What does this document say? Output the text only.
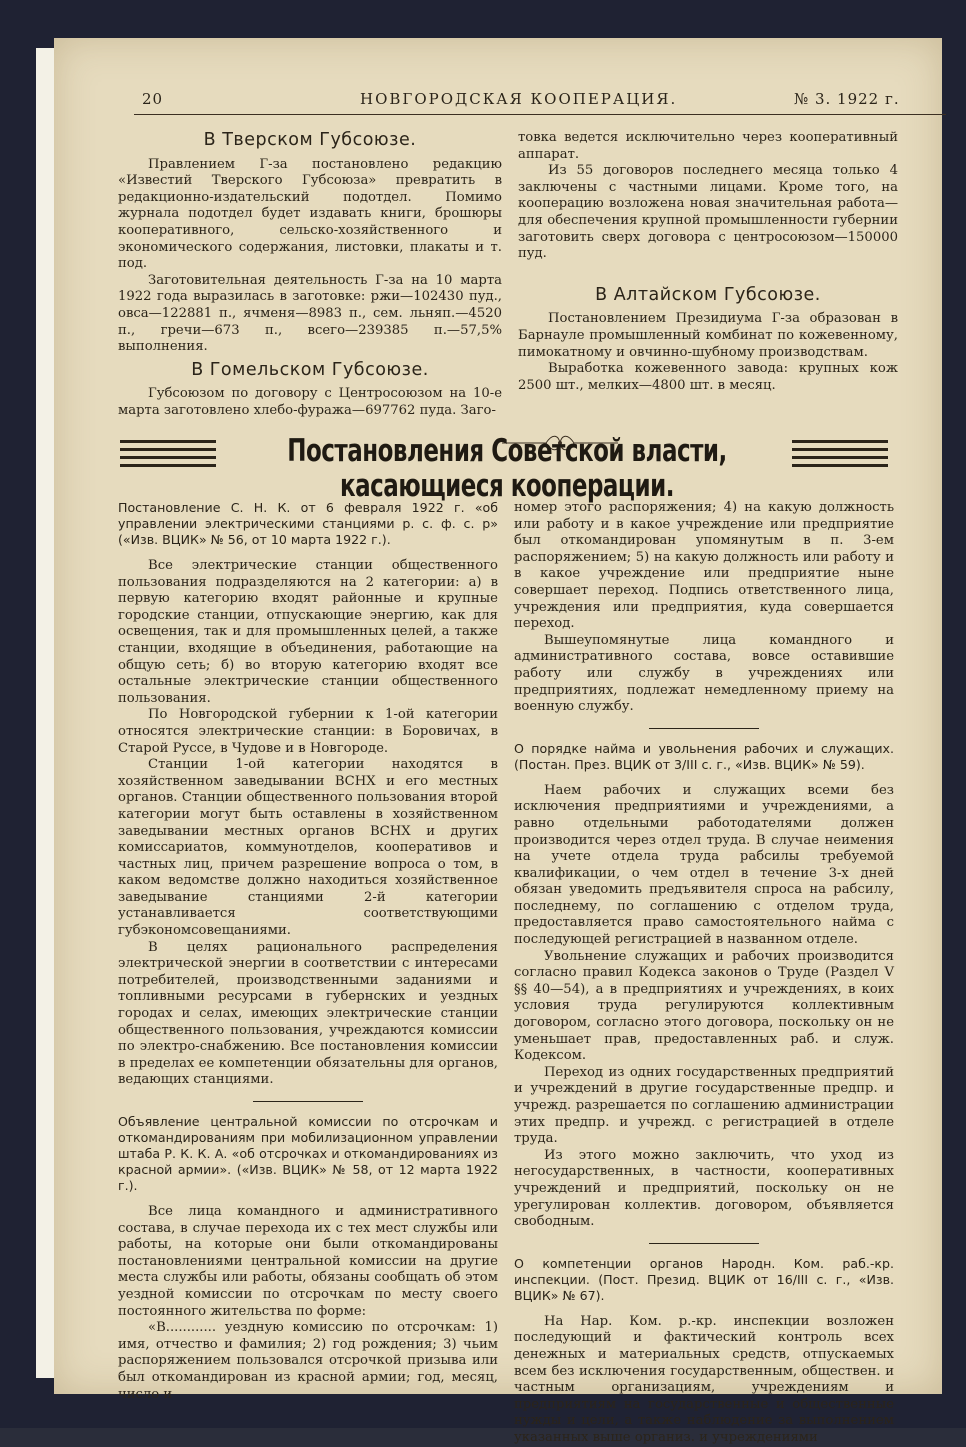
20	НОВГОРОДСКАЯ КООПЕРАЦИЯ.	№ 3. 1922 г.
В Тверском Губсоюзе.

Правлением Г-за постановлено редакцию «Известий Тверского Губсоюза» превратить в редакционно-издательский подотдел. Помимо журнала подотдел будет издавать книги, брошюры кооперативного, сельско-хозяйственного и экономического содержания, листовки, плакаты и т. под.

Заготовительная деятельность Г-за на 10 марта 1922 года выразилась в заготовке: ржи—102430 пуд., овса—122881 п., ячменя—8983 п., сем. льняп.—4520 п., гречи—673 п., всего—239385 п.—57,5% выполнения.

В Гомельском Губсоюзе.

Губсоюзом по договору с Центросоюзом на 10-е марта заготовлено хлебо-фуража—697762 пуда. Заго-

товка ведется исключительно через кооперативный аппарат.

Из 55 договоров последнего месяца только 4 заключены с частными лицами. Кроме того, на кооперацию возложена новая значительная работа—для обеспечения крупной промышленности губернии заготовить сверх договора с центросоюзом—150000 пуд.

В Алтайском Губсоюзе.

Постановлением Президиума Г-за образован в Барнауле промышленный комбинат по кожевенному, пимокатному и овчинно-шубному производствам.

Выработка кожевенного завода: крупных кож 2500 шт., мелких—4800 шт. в месяц.

Постановления Советской власти, касающиеся кооперации.

Постановление С. Н. К. от 6 февраля 1922 г. «об управлении электрическими станциями р. с. ф. с. р» («Изв. ВЦИК» № 56, от 10 марта 1922 г.).

Все электрические станции общественного пользования подразделяются на 2 категории: а) в первую категорию входят районные и крупные городские станции, отпускающие энергию, как для освещения, так и для промышленных целей, а также станции, входящие в объединения, работающие на общую сеть; б) во вторую категорию входят все остальные электрические станции общественного пользования.

По Новгородской губернии к 1-ой категории относятся электрические станции: в Боровичах, в Старой Руссе, в Чудове и в Новгороде.

Станции 1-ой категории находятся в хозяйственном заведывании ВСНХ и его местных органов. Станции общественного пользования второй категории могут быть оставлены в хозяйственном заведывании местных органов ВСНХ и других комиссариатов, коммунотделов, кооперативов и частных лиц, причем разрешение вопроса о том, в каком ведомстве должно находиться хозяйственное заведывание станциями 2-й категории устанавливается соответствующими губэкономсовещаниями.

В целях рационального распределения электрической энергии в соответствии с интересами потребителей, производственными заданиями и топливными ресурсами в губернских и уездных городах и селах, имеющих электрические станции общественного пользования, учреждаются комиссии по электро-снабжению. Все постановления комиссии в пределах ее компетенции обязательны для органов, ведающих станциями.

Объявление центральной комиссии по отсрочкам и откомандированиям при мобилизационном управлении штаба Р. К. К. А. «об отсрочках и откомандированиях из красной армии». («Изв. ВЦИК» № 58, от 12 марта 1922 г.).

Все лица командного и административного состава, в случае перехода их с тех мест службы или работы, на которые они были откомандированы постановлениями центральной комиссии на другие места службы или работы, обязаны сообщать об этом уездной комиссии по отсрочкам по месту своего постоянного жительства по форме:

«В............ уездную комиссию по отсрочкам: 1) имя, отчество и фамилия; 2) год рождения; 3) чьим распоряжением пользовался отсрочкой призыва или был откомандирован из красной армии; год, месяц, число и

номер этого распоряжения; 4) на какую должность или работу и в какое учреждение или предприятие был откомандирован упомянутым в п. 3-ем распоряжением; 5) на какую должность или работу и в какое учреждение или предприятие ныне совершает переход. Подпись ответственного лица, учреждения или предприятия, куда совершается переход.

Вышеупомянутые лица командного и административного состава, вовсе оставившие работу или службу в учреждениях или предприятиях, подлежат немедленному приему на военную службу.

О порядке найма и увольнения рабочих и служащих. (Постан. През. ВЦИК от 3/III с. г., «Изв. ВЦИК» № 59).

Наем рабочих и служащих всеми без исключения предприятиями и учреждениями, а равно отдельными работодателями должен производится через отдел труда. В случае неимения на учете отдела труда рабсилы требуемой квалификации, о чем отдел в течение 3-х дней обязан уведомить предъявителя спроса на рабсилу, последнему, по соглашению с отделом труда, предоставляется право самостоятельного найма с последующей регистрацией в названном отделе.

Увольнение служащих и рабочих производится согласно правил Кодекса законов о Труде (Раздел V §§ 40—54), а в предприятиях и учреждениях, в коих условия труда регулируются коллективным договором, согласно этого договора, поскольку он не уменьшает прав, предоставленных раб. и служ. Кодексом.

Переход из одних государственных предприятий и учреждений в другие государственные предпр. и учрежд. разрешается по соглашению администрации этих предпр. и учрежд. с регистрацией в отделе труда.

Из этого можно заключить, что уход из негосударственных, в частности, кооперативных учреждений и предприятий, поскольку он не урегулирован коллектив. договором, объявляется свободным.

О компетенции органов Народн. Ком. раб.-кр. инспекции. (Пост. Презид. ВЦИК от 16/III с. г., «Изв. ВЦИК» № 67).

На Нар. Ком. р.-кр. инспекции возложен последующий и фактический контроль всех денежных и материальных средств, отпускаемых всем без исключения государственным, обществен. и частным организациям, учреждениям и предприятиям на государственные и общественные нужды и цели, а также наблюдение за выполнением указанных выше организ. и учреждениями
